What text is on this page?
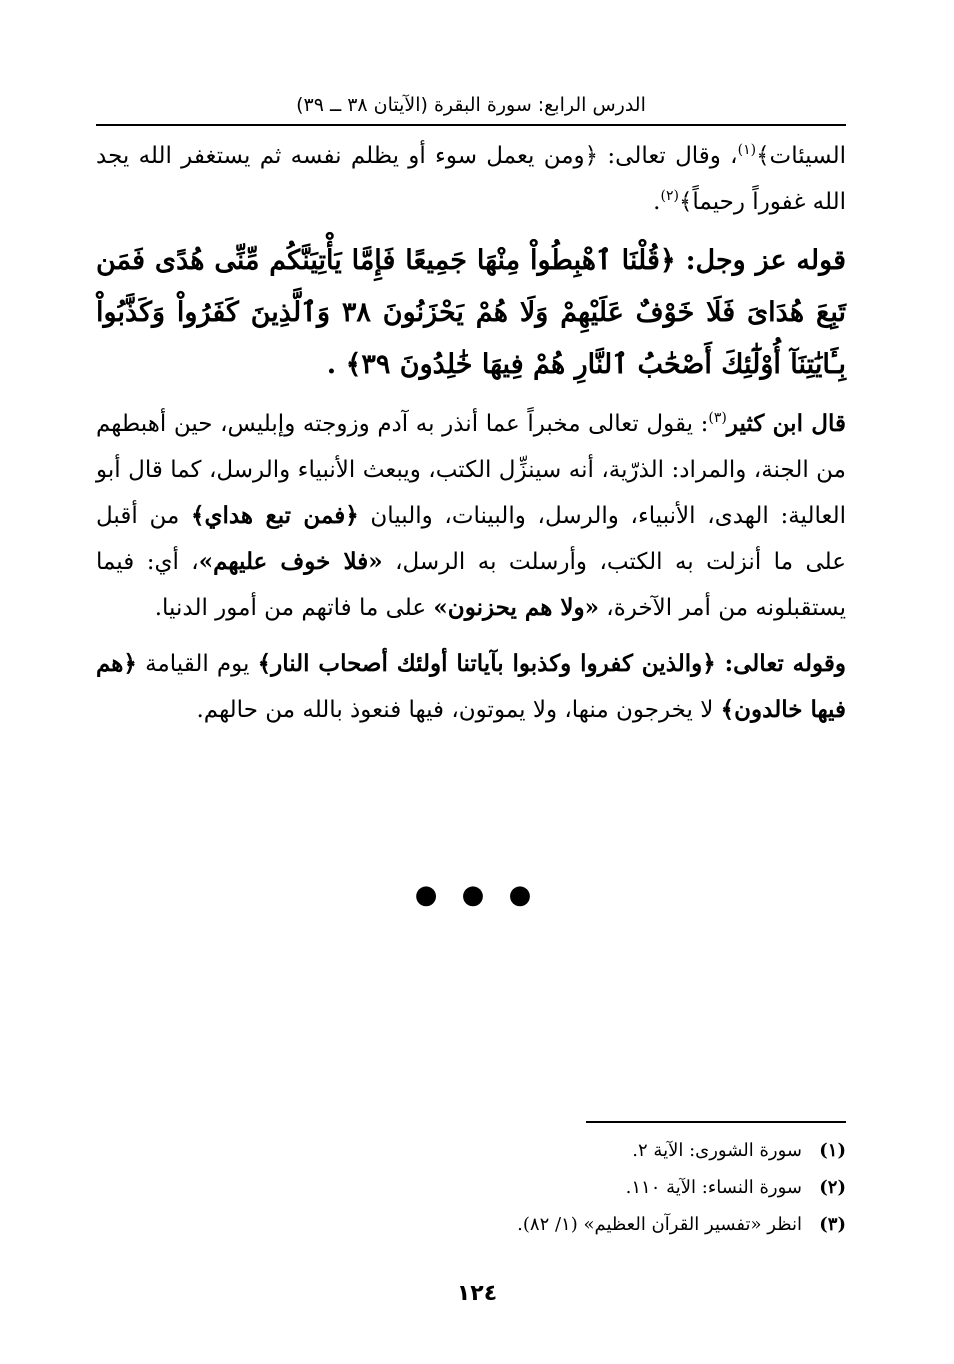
الدرس الرابع: سورة البقرة (الآيتان ٣٨ ــ ٣٩)

السيئات﴾$^{(١)}$، وقال تعالى: ﴿ومن يعمل سوء أو يظلم نفسه ثم يستغفر الله يجد الله غفوراً رحيماً﴾$^{(٢)}$.

قوله عز وجل: ﴿قُلْنَا ٱهْبِطُواْ مِنْهَا جَمِيعًا فَإِمَّا يَأْتِيَنَّكُم مِّنِّى هُدًى فَمَن تَبِعَ هُدَاىَ فَلَا خَوْفٌ عَلَيْهِمْ وَلَا هُمْ يَحْزَنُونَ ٣٨ وَٱلَّذِينَ كَفَرُواْ وَكَذَّبُواْ بِـَٔايَٰتِنَآ أُوْلَٰٓئِكَ أَصْحَٰبُ ٱلنَّارِ هُمْ فِيهَا خَٰلِدُونَ ٣٩﴾ .

قال ابن كثير$^{(٣)}$: يقول تعالى مخبراً عما أنذر به آدم وزوجته وإبليس، حين أهبطهم من الجنة، والمراد: الذرّية، أنه سينزِّل الكتب، ويبعث الأنبياء والرسل، كما قال أبو العالية: الهدى، الأنبياء، والرسل، والبينات، والبيان ﴿فمن تبع هداي﴾ من أقبل على ما أنزلت به الكتب، وأرسلت به الرسل، «فلا خوف عليهم»، أي: فيما يستقبلونه من أمر الآخرة، «ولا هم يحزنون» على ما فاتهم من أمور الدنيا.

وقوله تعالى: ﴿والذين كفروا وكذبوا بآياتنا أولئك أصحاب النار﴾ يوم القيامة ﴿هم فيها خالدون﴾ لا يخرجون منها، ولا يموتون، فيها فنعوذ بالله من حالهم.

● ● ●
(١)سورة الشورى: الآية ٢.
(٢)سورة النساء: الآية ١١٠.
(٣)انظر «تفسير القرآن العظيم» (١/ ٨٢).
١٢٤
